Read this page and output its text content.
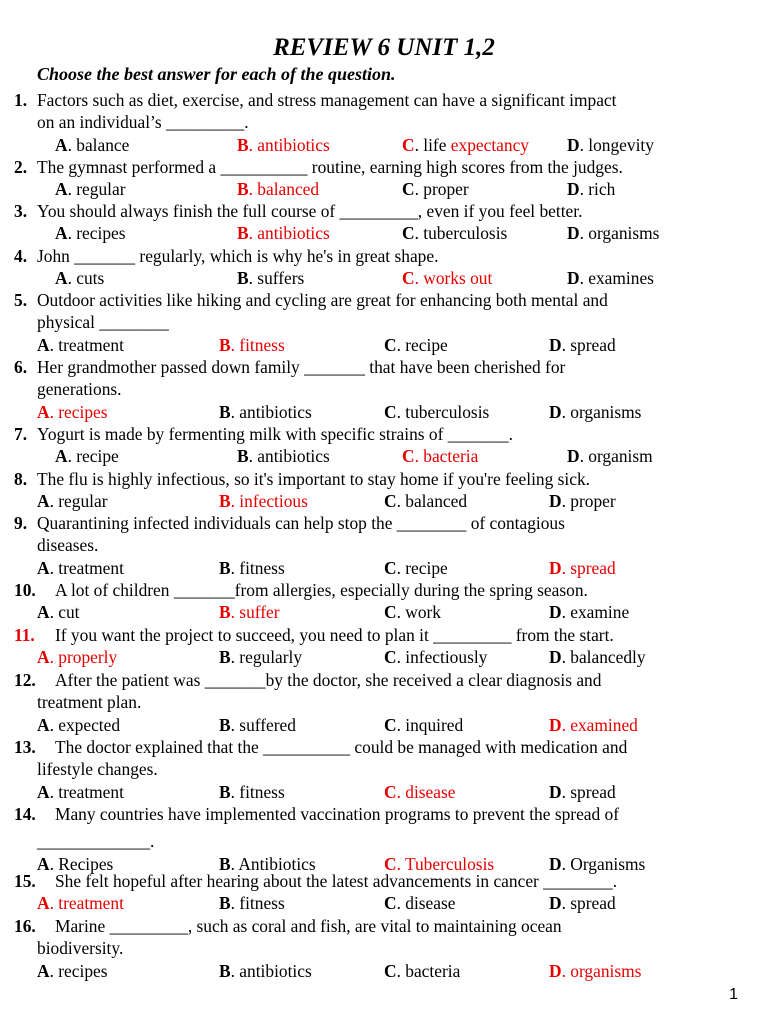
REVIEW 6 UNIT 1,2
Choose the best answer for each of the question.
1. Factors such as diet, exercise, and stress management can have a significant impact
on an individual’s _________.
A. balance	B. antibiotics	C. life expectancy D. longevity
2. The gymnast performed a __________ routine, earning high scores from the judges.
A. regular	B. balanced	C. proper	D. rich
3. You should always finish the full course of _________, even if you feel better.
A. recipes	B. antibiotics	C. tuberculosis	D. organisms
4. John _______ regularly, which is why he's in great shape.
A. cuts	B. suffers	C. works out	D. examines
5. Outdoor activities like hiking and cycling are great for enhancing both mental and
physical ________
A. treatment	B. fitness	C. recipe	D. spread
6. Her grandmother passed down family _______ that have been cherished for
generations.
A. recipes	B. antibiotics	C. tuberculosis	D. organisms
7. Yogurt is made by fermenting milk with specific strains of _______.
A. recipe	B. antibiotics	C. bacteria	D. organism
8. The flu is highly infectious, so it's important to stay home if you're feeling sick.
A. regular	B. infectious	C. balanced	D. proper
9. Quarantining infected individuals can help stop the ________ of contagious
diseases.
A. treatment	B. fitness	C. recipe	D. spread
10. A lot of children _______from allergies, especially during the spring season.
A. cut	B. suffer	C. work	D. examine
11. If you want the project to succeed, you need to plan it _________ from the start.
A. properly	B. regularly	C. infectiously	D. balancedly
12. After the patient was _______by the doctor, she received a clear diagnosis and
treatment plan.
A. expected	B. suffered	C. inquired	D. examined
13. The doctor explained that the __________ could be managed with medication and
lifestyle changes.
A. treatment	B. fitness	C. disease	D. spread
14. Many countries have implemented vaccination programs to prevent the spread of
_____________.
A. Recipes	B. Antibiotics	C. Tuberculosis	D. Organisms
15. She felt hopeful after hearing about the latest advancements in cancer ________.
A. treatment	B. fitness	C. disease	D. spread
16. Marine _________, such as coral and fish, are vital to maintaining ocean
biodiversity.
A. recipes	B. antibiotics	C. bacteria	D. organisms
1
